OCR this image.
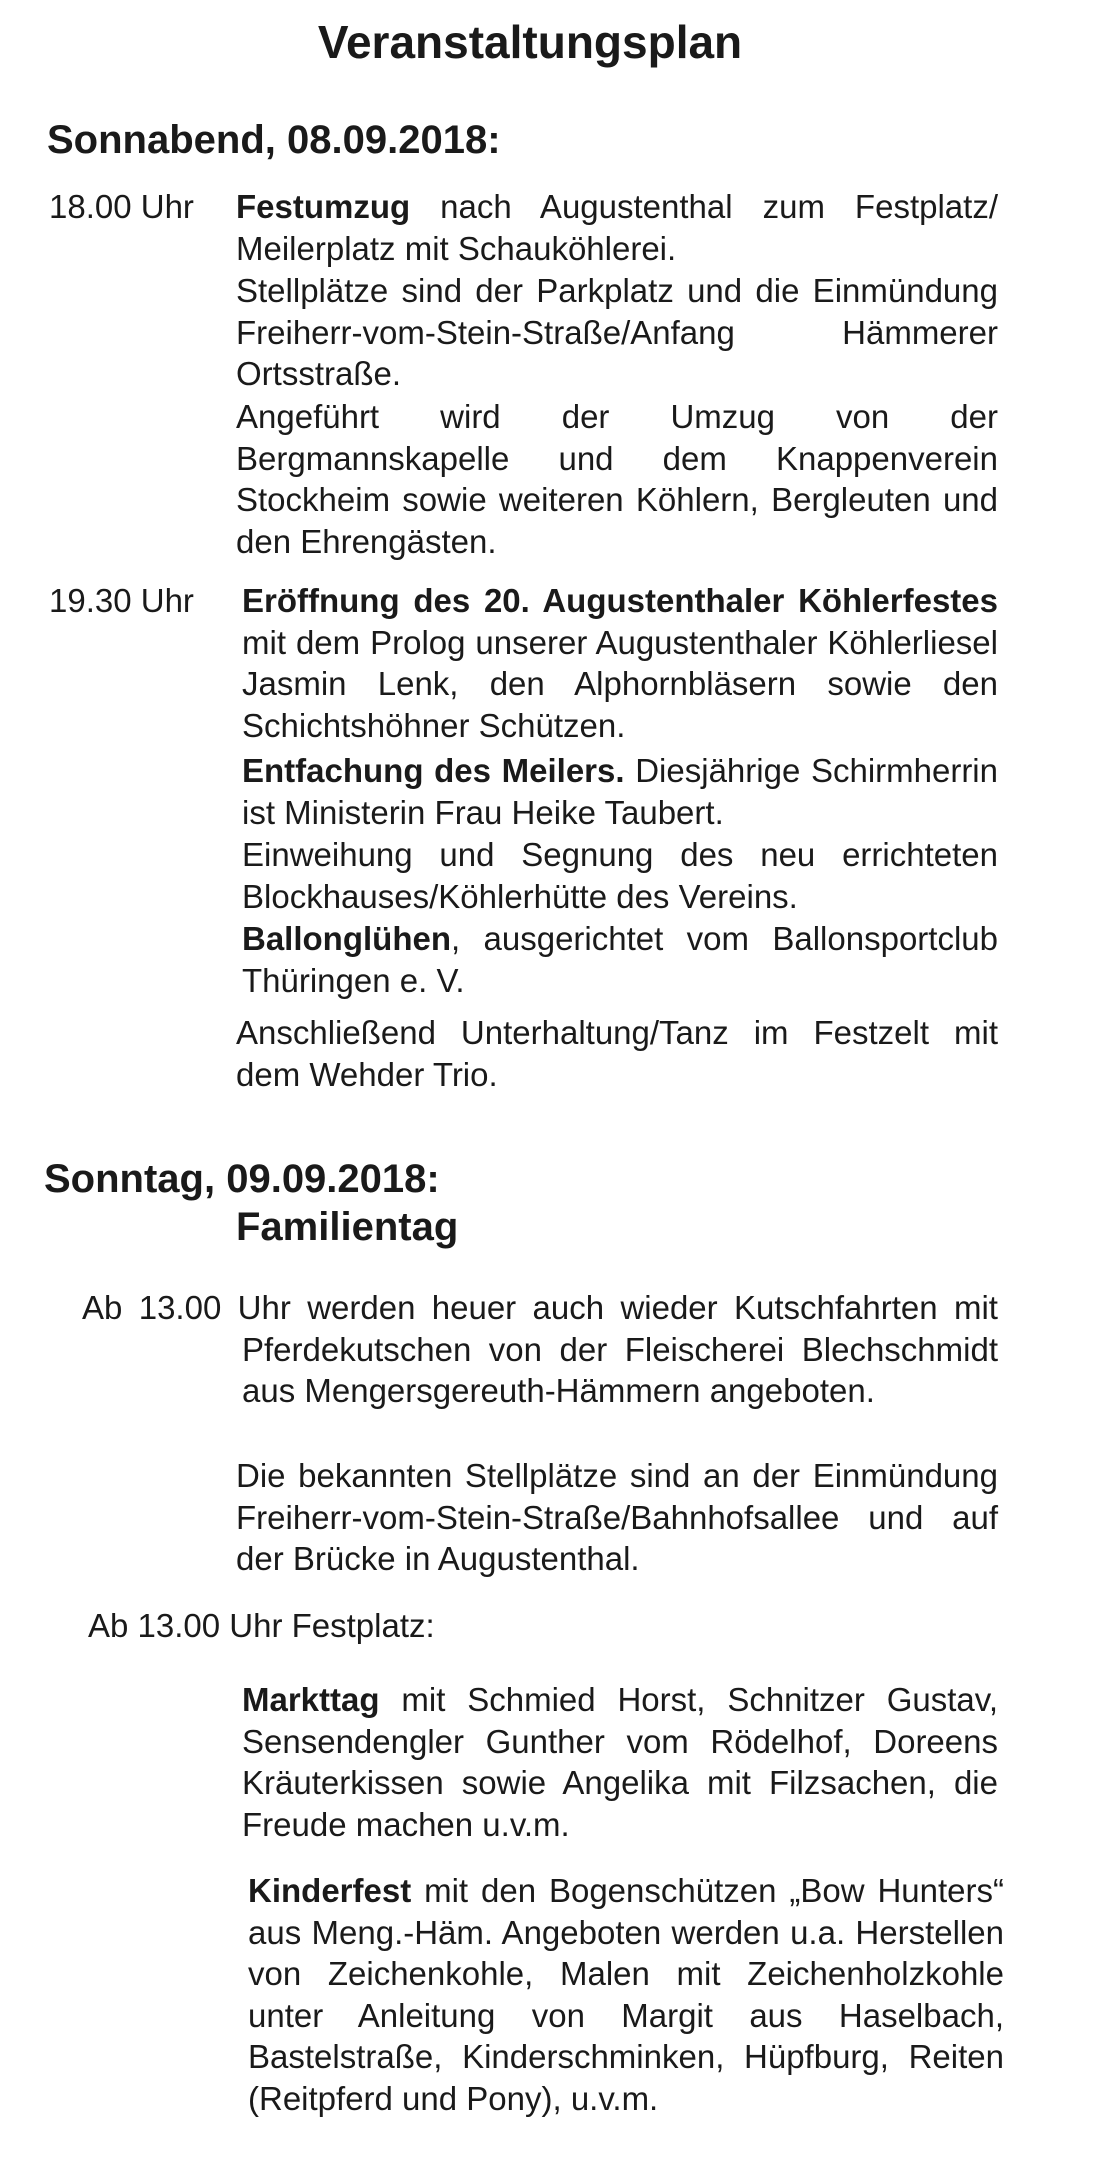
Veranstaltungsplan
Sonnabend, 08.09.2018:
18.00 Uhr Festumzug nach Augustenthal zum Festplatz/ Meilerplatz mit Schauköhlerei.
Stellplätze sind der Parkplatz und die Einmündung Freiherr-vom-Stein-Straße/Anfang Hämmerer Ortsstraße.
Angeführt wird der Umzug von der Bergmannskapelle und dem Knappenverein Stockheim sowie weiteren Köhlern, Bergleuten und den Ehrengästen.
19.30 Uhr Eröffnung des 20. Augustenthaler Köhlerfestes mit dem Prolog unserer Augustenthaler Köhlerliesel Jasmin Lenk, den Alphornbläsern sowie den Schichtshöhner Schützen.
Entfachung des Meilers. Diesjährige Schirmherrin ist Ministerin Frau Heike Taubert.
Einweihung und Segnung des neu errichteten Blockhauses/Köhlerhütte des Vereins.
Ballonglühen, ausgerichtet vom Ballonsportclub Thüringen e. V.
Anschließend Unterhaltung/Tanz im Festzelt mit dem Wehder Trio.
Sonntag, 09.09.2018:
Familientag
Ab 13.00 Uhr werden heuer auch wieder Kutschfahrten mit Pferdekutschen von der Fleischerei Blechschmidt aus Mengersgereuth-Hämmern angeboten.
Die bekannten Stellplätze sind an der Einmündung Freiherr-vom-Stein-Straße/Bahnhofsallee und auf der Brücke in Augustenthal.
Ab 13.00 Uhr Festplatz:
Markttag mit Schmied Horst, Schnitzer Gustav, Sensendengler Gunther vom Rödelhof, Doreens Kräuterkissen sowie Angelika mit Filzsachen, die Freude machen u.v.m.
Kinderfest mit den Bogenschützen „Bow Hunters“ aus Meng.-Häm. Angeboten werden u.a. Herstellen von Zeichenkohle, Malen mit Zeichenholzkohle unter Anleitung von Margit aus Haselbach, Bastelstraße, Kinderschminken, Hüpfburg, Reiten (Reitpferd und Pony), u.v.m.
